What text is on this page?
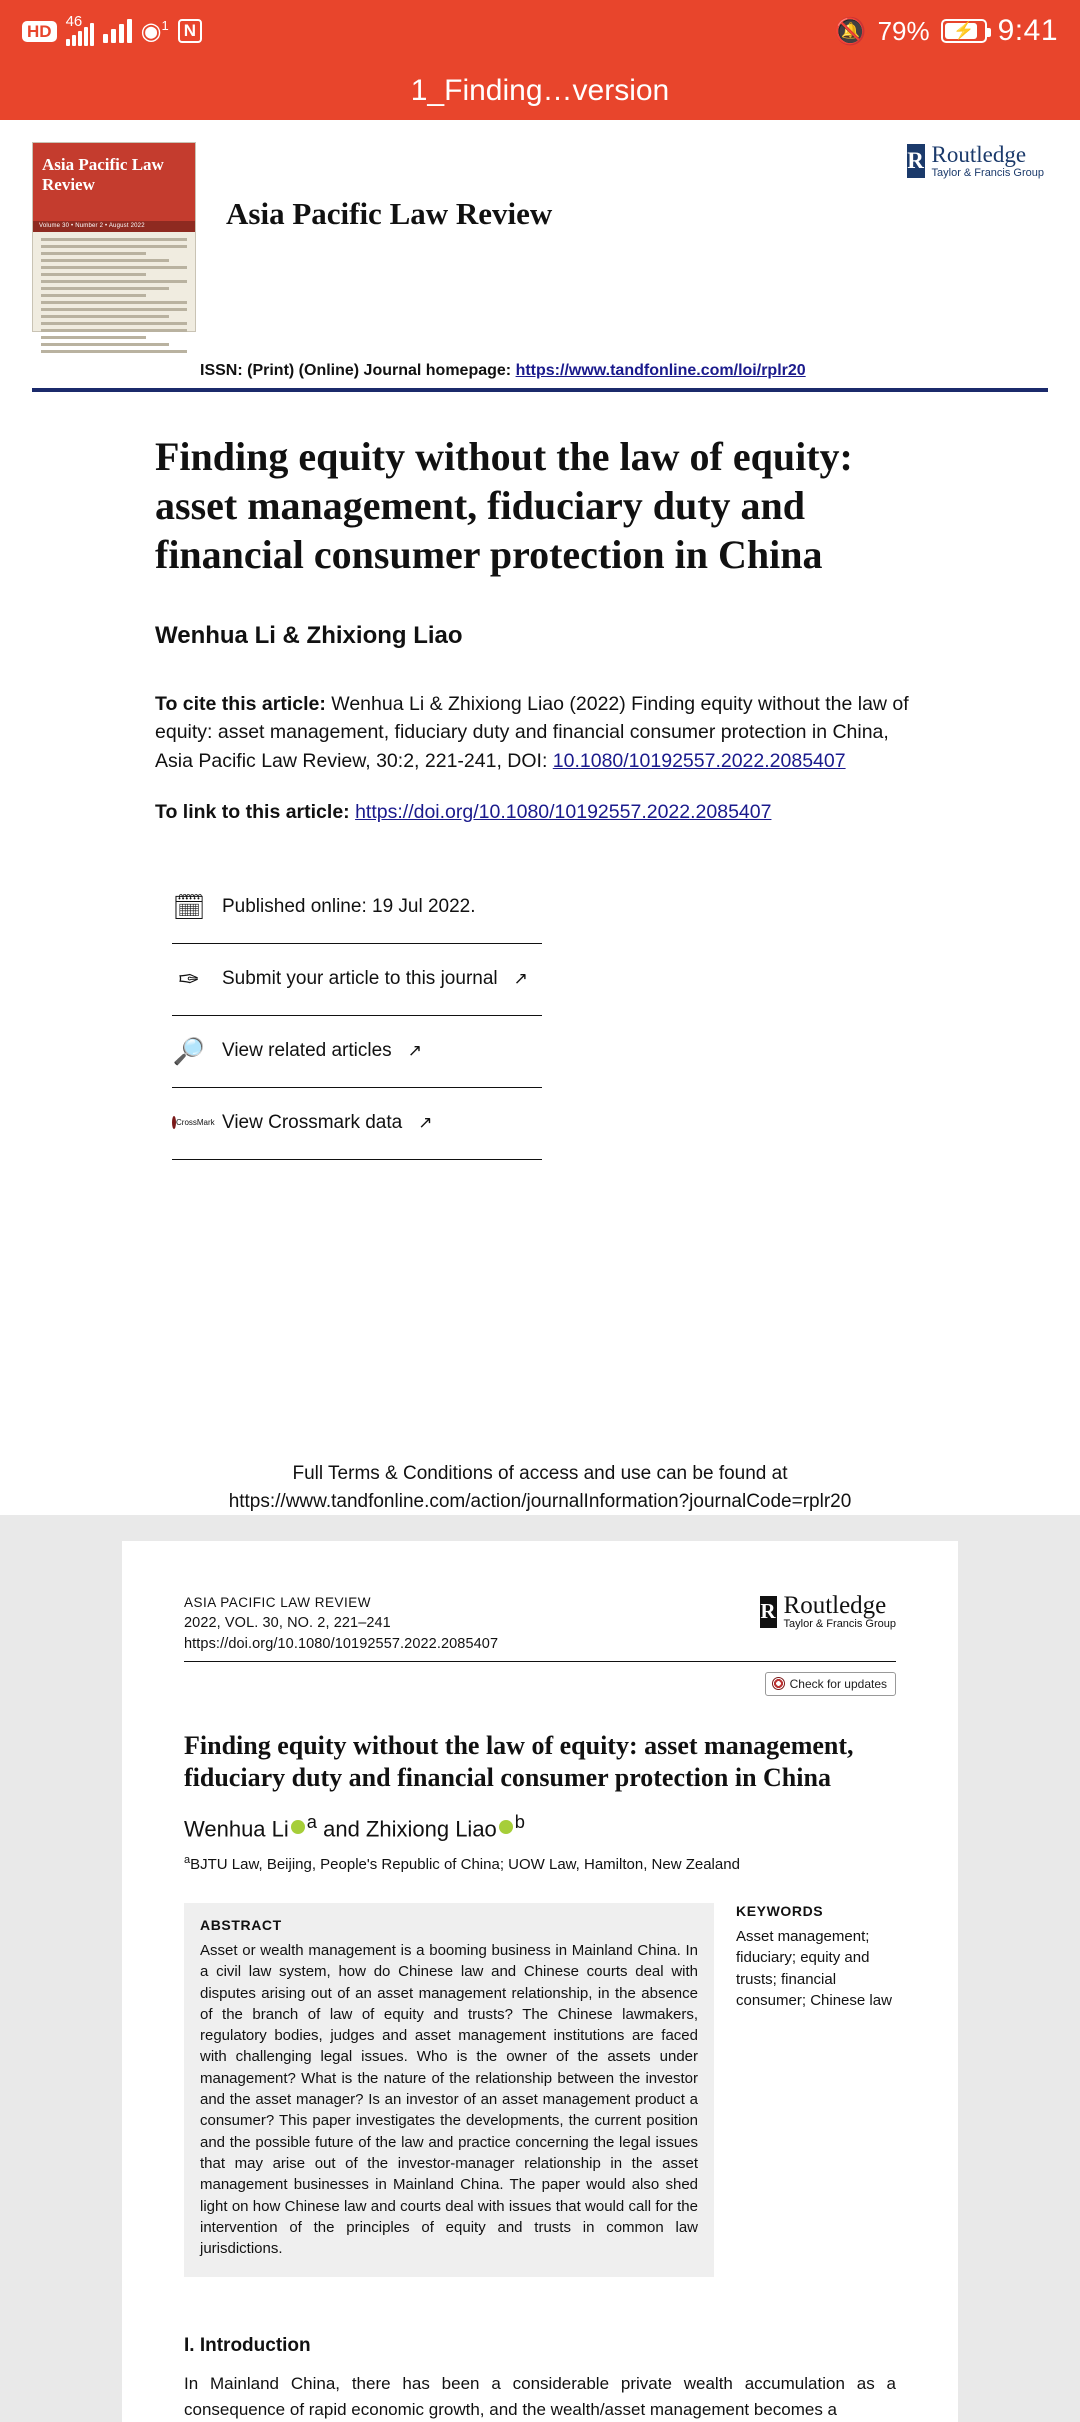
HD 46 ◉$^1$ N	🔕 79% ⚡ 9:41
1_Finding…version
Asia Pacific Law Review
Volume 30 • Number 2 • August 2022	Asia Pacific Law Review
R Routledge
Taylor & Francis Group
ISSN: (Print) (Online) Journal homepage: https://www.tandfonline.com/loi/rplr20
Finding equity without the law of equity: asset management, fiduciary duty and financial consumer protection in China
Wenhua Li & Zhixiong Liao
To cite this article: Wenhua Li & Zhixiong Liao (2022) Finding equity without the law of equity: asset management, fiduciary duty and financial consumer protection in China, Asia Pacific Law Review, 30:2, 221-241, DOI: 10.1080/10192557.2022.2085407
To link to this article: https://doi.org/10.1080/10192557.2022.2085407
🗓 Published online: 19 Jul 2022.
✑	Submit your article to this journal ↗
🔎 View related articles ↗
CrossMark View Crossmark data ↗
Full Terms & Conditions of access and use can be found at
https://www.tandfonline.com/action/journalInformation?journalCode=rplr20
ASIA PACIFIC LAW REVIEW
2022, VOL. 30, NO. 2, 221–241
https://doi.org/10.1080/10192557.2022.2085407
R Routledge
Taylor & Francis Group
Check for updates
Finding equity without the law of equity: asset management, fiduciary duty and financial consumer protection in China
Wenhua Li $^a$ and Zhixiong Liao $^b$
$^a$BJTU Law, Beijing, People's Republic of China; UOW Law, Hamilton, New Zealand
ABSTRACT
Asset or wealth management is a booming business in Mainland China. In a civil law system, how do Chinese law and Chinese courts deal with disputes arising out of an asset management relationship, in the absence of the branch of law of equity and trusts? The Chinese lawmakers, regulatory bodies, judges and asset management institutions are faced with challenging legal issues. Who is the owner of the assets under management? What is the nature of the relationship between the investor and the asset manager? Is an investor of an asset management product a consumer? This paper investigates the developments, the current position and the possible future of the law and practice concerning the legal issues that may arise out of the investor-manager relationship in the asset management businesses in Mainland China. The paper would also shed light on how Chinese law and courts deal with issues that would call for the intervention of the principles of equity and trusts in common law jurisdictions.
KEYWORDS
Asset management; fiduciary; equity and trusts; financial consumer; Chinese law
I. Introduction
In Mainland China, there has been a considerable private wealth accumulation as a consequence of rapid economic growth, and the wealth/asset management becomes a
